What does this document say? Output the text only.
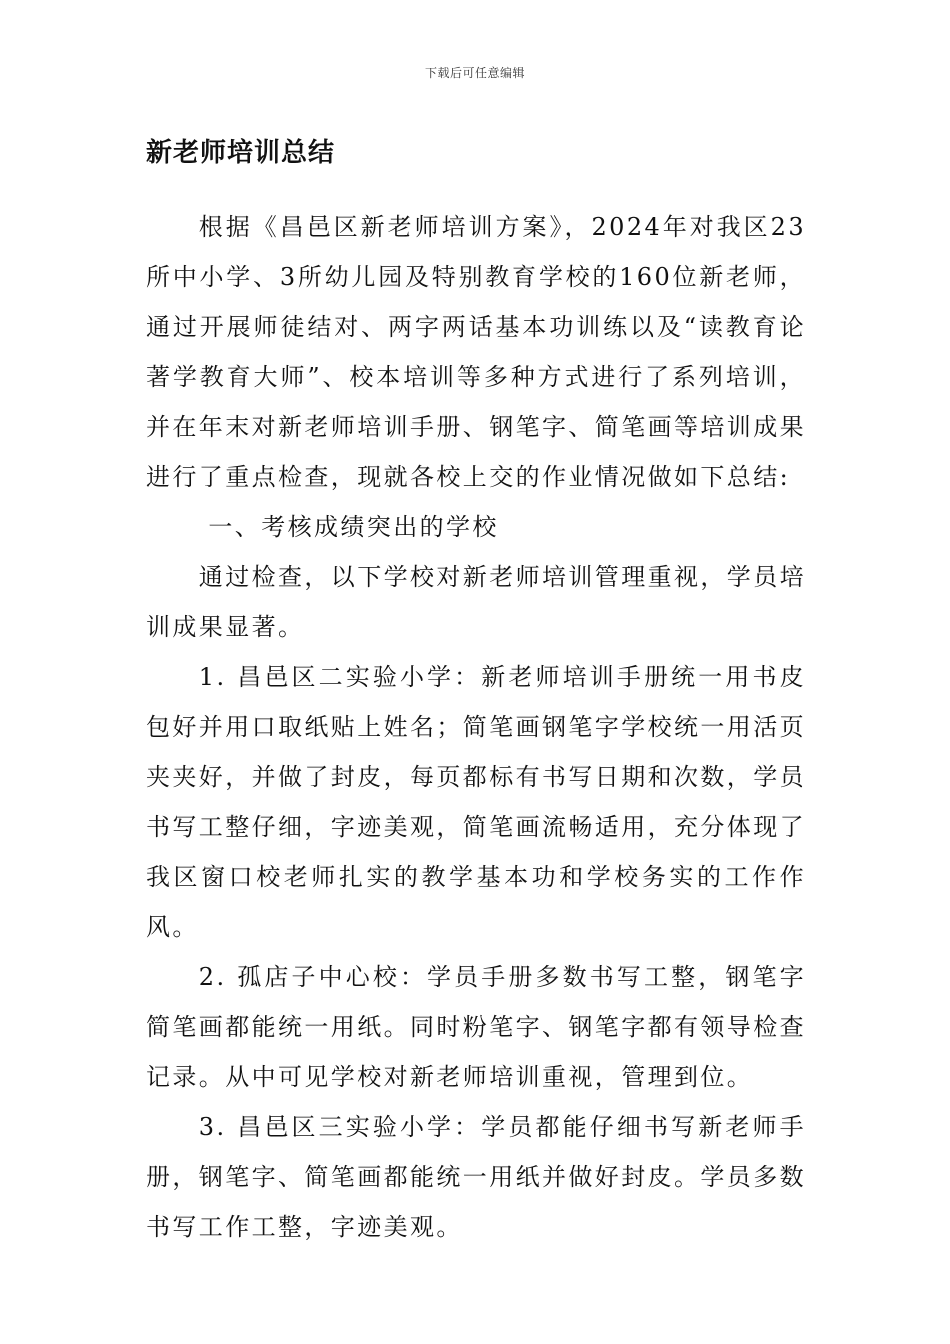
下载后可任意编辑
新老师培训总结

根据《昌邑区新老师培训方案》，2024年对我区23所中小学、3所幼儿园及特别教育学校的160位新老师，通过开展师徒结对、两字两话基本功训练以及“读教育论著学教育大师”、校本培训等多种方式进行了系列培训，并在年末对新老师培训手册、钢笔字、简笔画等培训成果进行了重点检查，现就各校上交的作业情况做如下总结:

一、考核成绩突出的学校

通过检查，以下学校对新老师培训管理重视，学员培训成果显著。

1. 昌邑区二实验小学：新老师培训手册统一用书皮包好并用口取纸贴上姓名；简笔画钢笔字学校统一用活页夹夹好，并做了封皮，每页都标有书写日期和次数，学员书写工整仔细，字迹美观，简笔画流畅适用，充分体现了我区窗口校老师扎实的教学基本功和学校务实的工作作风。

2. 孤店子中心校：学员手册多数书写工整，钢笔字简笔画都能统一用纸。同时粉笔字、钢笔字都有领导检查记录。从中可见学校对新老师培训重视，管理到位。

3. 昌邑区三实验小学：学员都能仔细书写新老师手册，钢笔字、简笔画都能统一用纸并做好封皮。学员多数书写工作工整，字迹美观。
